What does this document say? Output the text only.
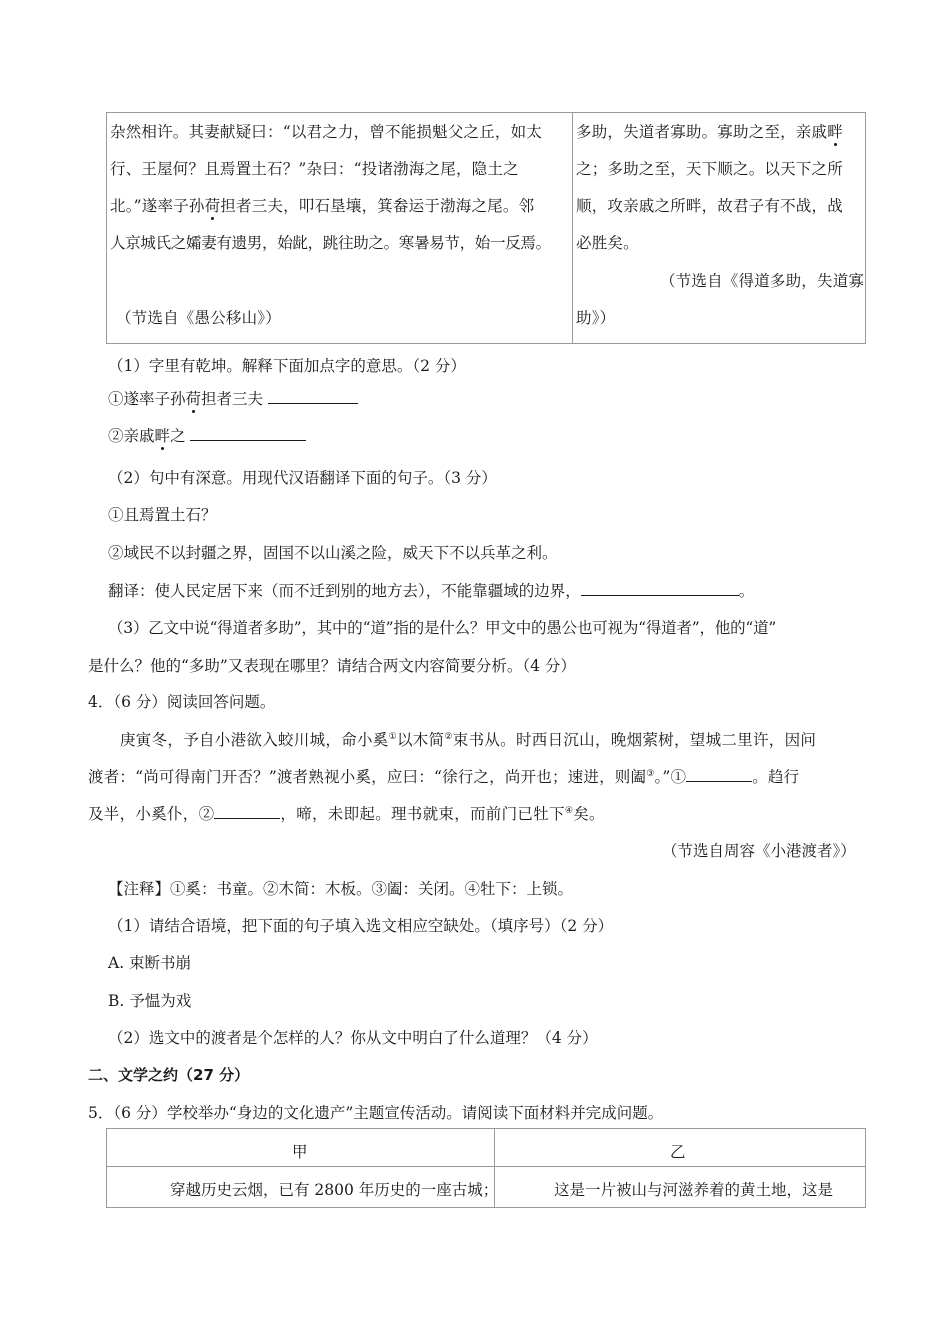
杂然相许。其妻献疑曰：“以君之力，曾不能损魁父之丘，如太
行、王屋何？且焉置土石？”杂曰：“投诸渤海之尾，隐土之
北。”遂率子孙荷担者三夫，叩石垦壤，箕畚运于渤海之尾。邻
人京城氏之孀妻有遗男，始龀，跳往助之。寒暑易节，始一反焉。
（节选自《愚公移山》）
多助，失道者寡助。寡助之至，亲戚畔
之；多助之至，天下顺之。以天下之所
顺，攻亲戚之所畔，故君子有不战，战
必胜矣。
（节选自《得道多助，失道寡
助》）
（1）字里有乾坤。解释下面加点字的意思。（2 分）
①遂率子孙荷担者三夫
②亲戚畔之
（2）句中有深意。用现代汉语翻译下面的句子。（3 分）
①且焉置土石？
②域民不以封疆之界，固国不以山溪之险，威天下不以兵革之利。
翻译：使人民定居下来（而不迁到别的地方去），不能靠疆域的边界，	。
（3）乙文中说“得道者多助”，其中的“道”指的是什么？甲文中的愚公也可视为“得道者”，他的“道”
是什么？他的“多助”又表现在哪里？请结合两文内容简要分析。（4 分）
4．（6 分）阅读回答问题。
庚寅冬，予自小港欲入蛟川城，命小奚①以木简②束书从。时西日沉山，晚烟萦树，望城二里许，因问
渡者：“尚可得南门开否？”渡者熟视小奚，应曰：“徐行之，尚开也；速进，则阖③。”①	。趋行
及半，小奚仆，②	，啼，未即起。理书就束，而前门已牡下④矣。
（节选自周容《小港渡者》）
【注释】①奚：书童。②木简：木板。③阖：关闭。④牡下：上锁。
（1）请结合语境，把下面的句子填入选文相应空缺处。（填序号）（2 分）
A. 束断书崩
B. 予愠为戏
（2）选文中的渡者是个怎样的人？你从文中明白了什么道理？（4 分）
二、文学之约（27 分）
5．（6 分）学校举办“身边的文化遗产”主题宣传活动。请阅读下面材料并完成问题。
甲	乙
穿越历史云烟，已有 2800 年历史的一座古城；	这是一片被山与河滋养着的黄土地，这是
